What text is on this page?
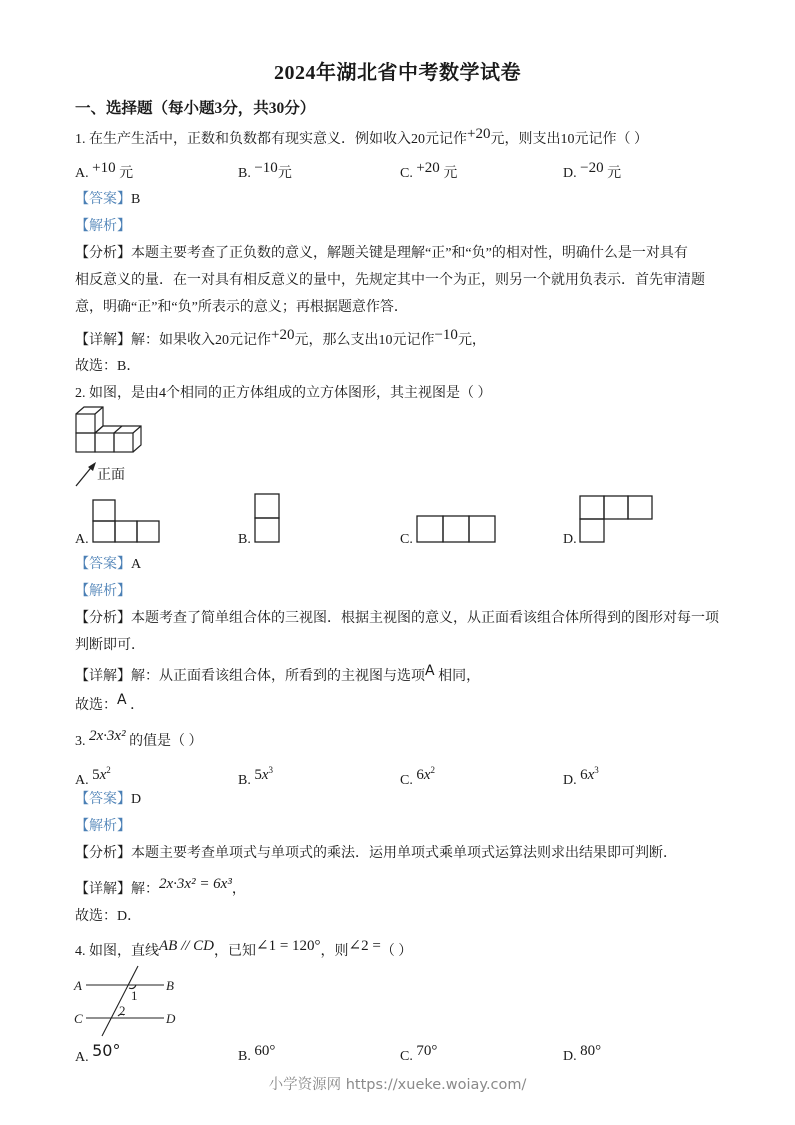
2024年湖北省中考数学试卷
一、选择题（每小题3分，共30分）
1. 在生产生活中，正数和负数都有现实意义．例如收入20元记作+20元，则支出10元记作（ ）
A. +10 元	B. −10元	C. +20 元	D. −20 元
【答案】B
【解析】
【分析】本题主要考查了正负数的意义，解题关键是理解“正”和“负”的相对性，明确什么是一对具有
相反意义的量．在一对具有相反意义的量中，先规定其中一个为正，则另一个就用负表示．首先审清题
意，明确“正”和“负”所表示的意义；再根据题意作答．
【详解】解：如果收入20元记作+20元，那么支出10元记作−10元，
故选：B．
2. 如图，是由4个相同的正方体组成的立方体图形，其主视图是（ ）
正面
A.	B.	C.	D.
【答案】A
【解析】
【分析】本题考查了简单组合体的三视图．根据主视图的意义，从正面看该组合体所得到的图形对每一项
判断即可．
【详解】解：从正面看该组合体，所看到的主视图与选项A 相同，
故选：A ．
3. 2x·3x² 的值是（ ）
A. $5x^2$
B. $5x^3$
C. $6x^2$
D. $6x^3$
【答案】D
【解析】
【分析】本题主要考查单项式与单项式的乘法．运用单项式乘单项式运算法则求出结果即可判断．
【详解】解：2x·3x² = 6x³，
故选：D．
4. 如图，直线AB // CD，已知∠1 = 120°，则∠2 =（ ）
A	B
C	D
1
2
A. 50°	B. 60°	C. 70°	D. 80°
小学资源网 https://xueke.woiay.com/
